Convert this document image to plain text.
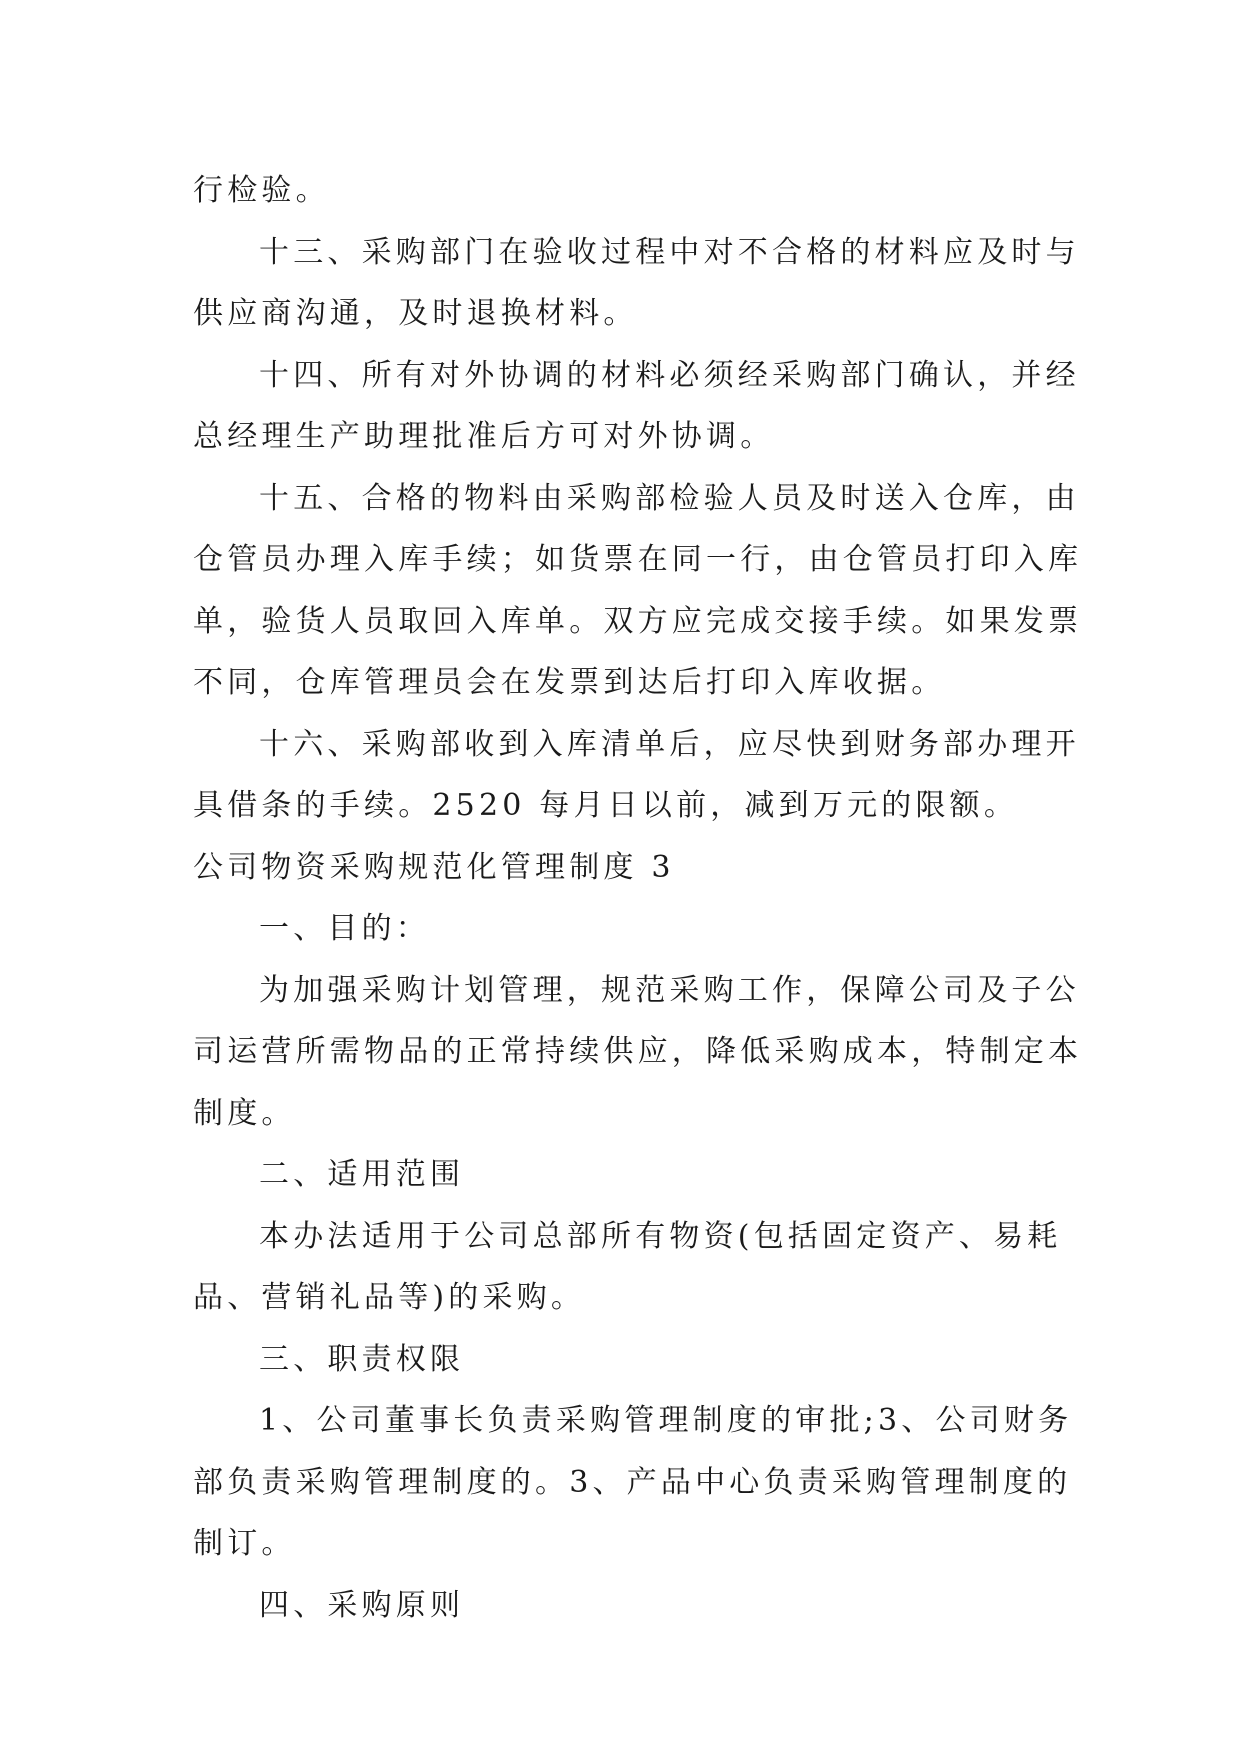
行检验。
十三、采购部门在验收过程中对不合格的材料应及时与
供应商沟通，及时退换材料。
十四、所有对外协调的材料必须经采购部门确认，并经
总经理生产助理批准后方可对外协调。
十五、合格的物料由采购部检验人员及时送入仓库，由
仓管员办理入库手续；如货票在同一行，由仓管员打印入库
单，验货人员取回入库单。双方应完成交接手续。如果发票
不同，仓库管理员会在发票到达后打印入库收据。
十六、采购部收到入库清单后，应尽快到财务部办理开
具借条的手续。2520 每月日以前，减到万元的限额。
公司物资采购规范化管理制度 3
一、目的：
为加强采购计划管理，规范采购工作，保障公司及子公
司运营所需物品的正常持续供应，降低采购成本，特制定本
制度。
二、适用范围
本办法适用于公司总部所有物资(包括固定资产、易耗
品、营销礼品等)的采购。
三、职责权限
1、公司董事长负责采购管理制度的审批;3、公司财务
部负责采购管理制度的。3、产品中心负责采购管理制度的
制订。
四、采购原则
